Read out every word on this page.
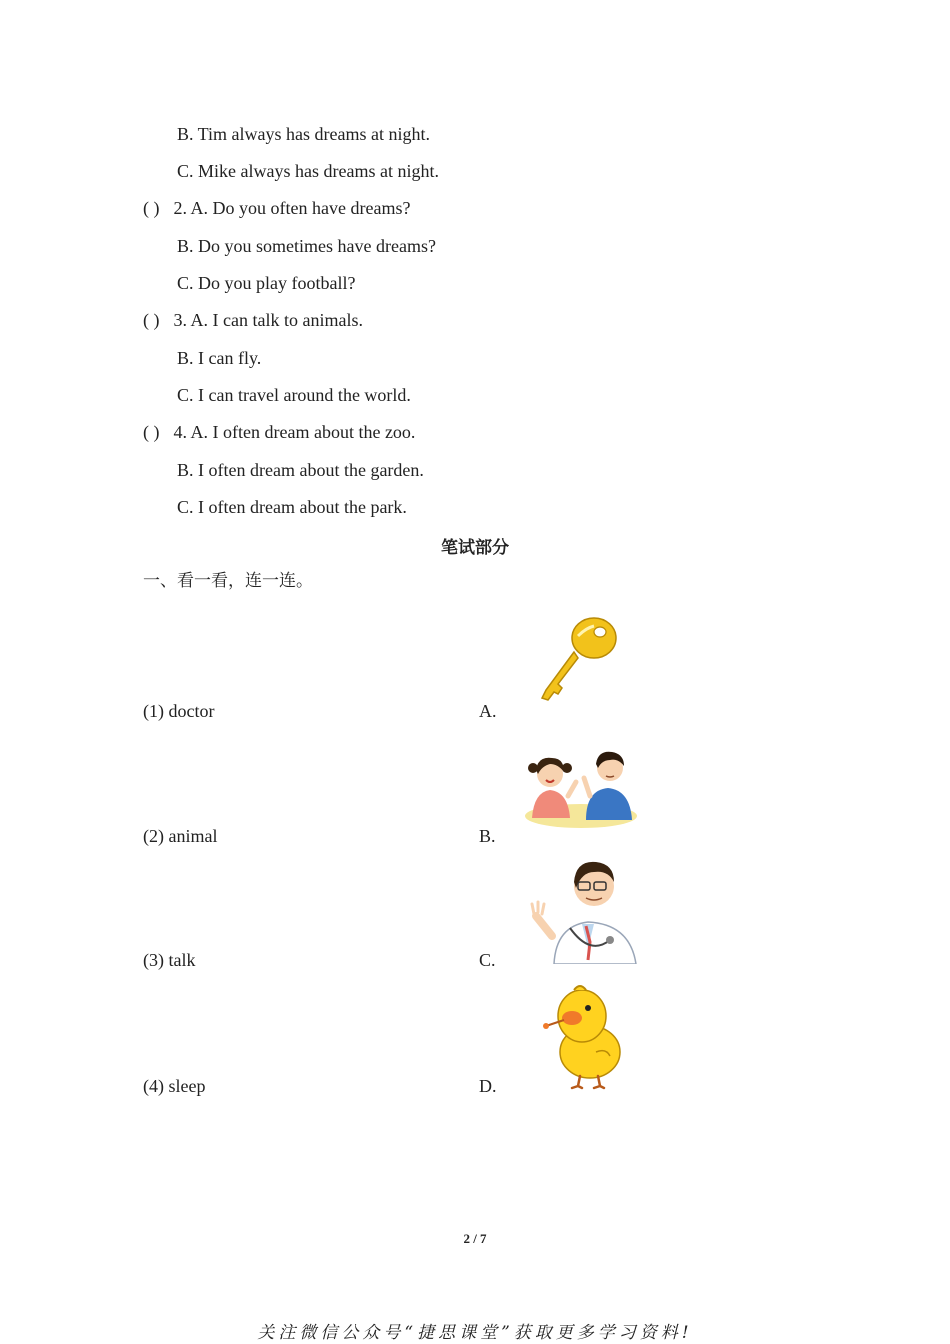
B. Tim always has dreams at night.
C. Mike always has dreams at night.
( ) 2. A. Do you often have dreams?
B. Do you sometimes have dreams?
C. Do you play football?
( ) 3. A. I can talk to animals.
B. I can fly.
C. I can travel around the world.
( ) 4. A. I often dream about the zoo.
B. I often dream about the garden.
C. I often dream about the park.
笔试部分
一、看一看，连一连。
(1) doctor
(2) animal
(3) talk
(4) sleep
A.
B.
C.
D.
2 / 7
关注微信公众号“捷思课堂”获取更多学习资料!
